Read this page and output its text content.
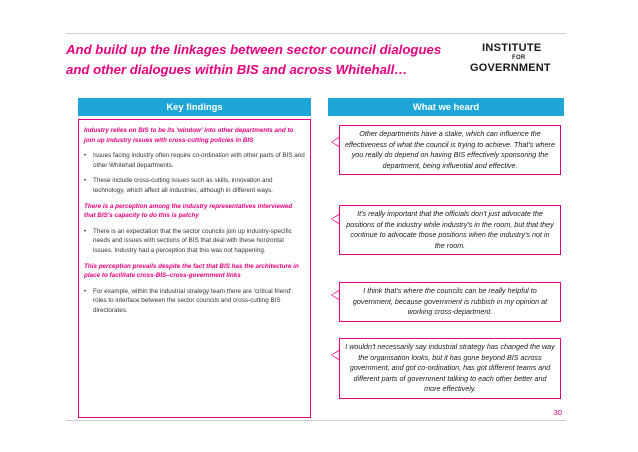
And build up the linkages between sector council dialogues and other dialogues within BIS and across Whitehall…
INSTITUTE
FOR
GOVERNMENT
Key findings	What we heard

Industry relies on BIS to be its 'window' into other departments and to join up industry issues with cross-cutting policies in BIS

• Issues facing industry often require co-ordination with other parts of BIS and other Whitehall departments.
• These include cross-cutting issues such as skills, innovation and technology, which affect all industries, although in different ways.

There is a perception among the industry representatives interviewed that BIS's capacity to do this is patchy

• There is an expectation that the sector councils join up industry-specific needs and issues with sections of BIS that deal with these horizontal issues. Industry had a perception that this was not happening.

This perception prevails despite the fact that BIS has the architecture in place to facilitate cross-BIS–cross-government links

• For example, within the industrial strategy team there are 'critical friend' roles to interface between the sector councils and cross-cutting BIS directorates.
Other departments have a stake, which can influence the effectiveness of what the council is trying to achieve. That's where you really do depend on having BIS effectively sponsoring the department, being influential and effective.
It's really important that the officials don't just advocate the positions of the industry while industry's in the room, but that they continue to advocate those positions when the industry's not in the room.
I think that's where the councils can be really helpful to government, because government is rubbish in my opinion at working cross-department.
I wouldn't necessarily say industrial strategy has changed the way the organisation looks, but it has gone beyond BIS across government, and got co-ordination, has got different teams and different parts of government talking to each other better and more effectively.
30
